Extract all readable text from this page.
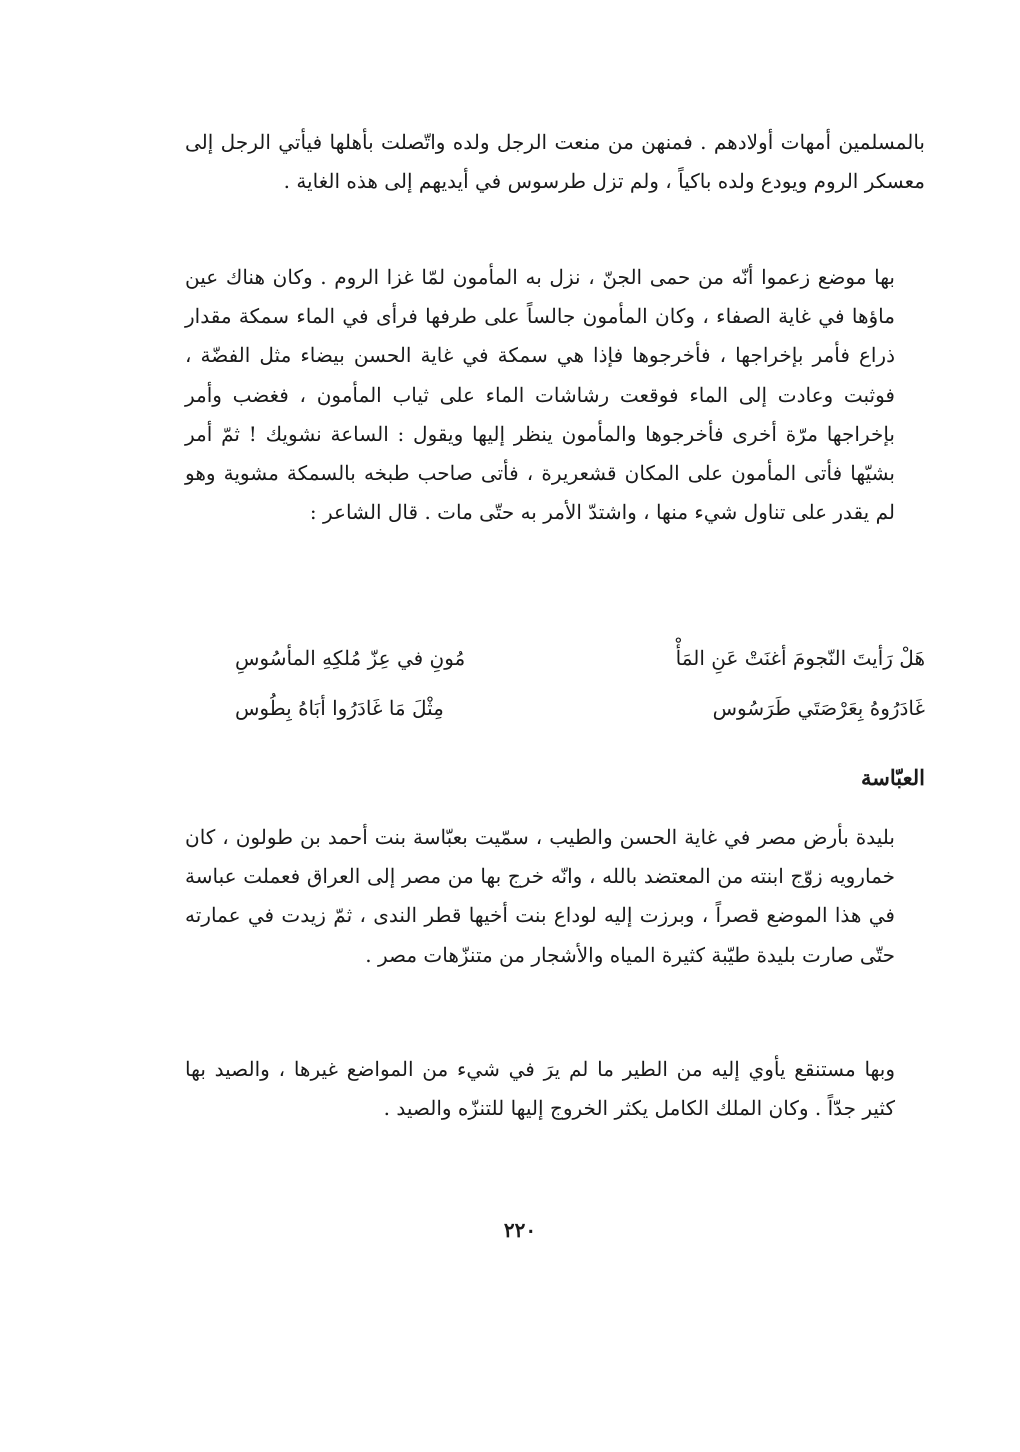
بالمسلمين أمهات أولادهم . فمنهن من منعت الرجل ولده واتّصلت بأهلها فيأتي الرجل إلى معسكر الروم ويودع ولده باكياً ، ولم تزل طرسوس في أيديهم إلى هذه الغاية .

بها موضع زعموا أنّه من حمى الجنّ ، نزل به المأمون لمّا غزا الروم . وكان هناك عين ماؤها في غاية الصفاء ، وكان المأمون جالساً على طرفها فرأى في الماء سمكة مقدار ذراع فأمر بإخراجها ، فأخرجوها فإذا هي سمكة في غاية الحسن بيضاء مثل الفضّة ، فوثبت وعادت إلى الماء فوقعت رشاشات الماء على ثياب المأمون ، فغضب وأمر بإخراجها مرّة أخرى فأخرجوها والمأمون ينظر إليها ويقول : الساعة نشويك ! ثمّ أمر بشيّها فأتى المأمون على المكان قشعريرة ، فأتى صاحب طبخه بالسمكة مشوية وهو لم يقدر على تناول شيء منها ، واشتدّ الأمر به حتّى مات . قال الشاعر :

هَلْ رَأيتَ النّجومَ أغنَتْ عَنِ المَأْ
مُونِ في عِزّ مُلكِهِ المأسُوسِ
غَادَرُوهُ بِعَرْصَتَي طَرَسُوس
مِثْلَ مَا غَادَرُوا أبَاهُ بِطُوس
العبّاسة

بليدة بأرض مصر في غاية الحسن والطيب ، سمّيت بعبّاسة بنت أحمد بن طولون ، كان خمارويه زوّج ابنته من المعتضد بالله ، وانّه خرج بها من مصر إلى العراق فعملت عباسة في هذا الموضع قصراً ، وبرزت إليه لوداع بنت أخيها قطر الندى ، ثمّ زيدت في عمارته حتّى صارت بليدة طيّبة كثيرة المياه والأشجار من متنزّهات مصر .

وبها مستنقع يأوي إليه من الطير ما لم يرَ في شيء من المواضع غيرها ، والصيد بها كثير جدّاً . وكان الملك الكامل يكثر الخروج إليها للتنزّه والصيد .

٢٢٠
